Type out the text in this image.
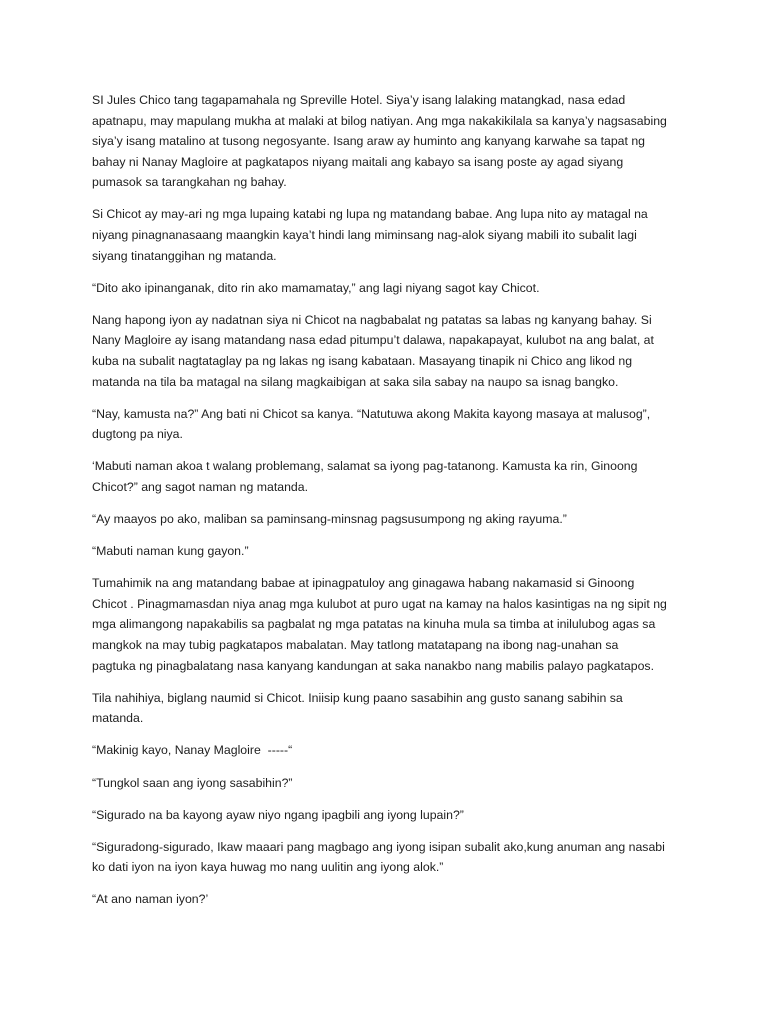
SI Jules Chico tang tagapamahala ng Spreville Hotel. Siya’y isang lalaking matangkad, nasa edad
apatnapu, may mapulang mukha at malaki at bilog natiyan. Ang mga nakakikilala sa kanya’y nagsasabing
siya’y isang matalino at tusong negosyante. Isang araw ay huminto ang kanyang karwahe sa tapat ng
bahay ni Nanay Magloire at pagkatapos niyang maitali ang kabayo sa isang poste ay agad siyang
pumasok sa tarangkahan ng bahay.

Si Chicot ay may-ari ng mga lupaing katabi ng lupa ng matandang babae. Ang lupa nito ay matagal na
niyang pinagnanasaang maangkin kaya’t hindi lang miminsang nag-alok siyang mabili ito subalit lagi
siyang tinatanggihan ng matanda.

“Dito ako ipinanganak, dito rin ako mamamatay,” ang lagi niyang sagot kay Chicot.

Nang hapong iyon ay nadatnan siya ni Chicot na nagbabalat ng patatas sa labas ng kanyang bahay. Si
Nany Magloire ay isang matandang nasa edad pitumpu’t dalawa, napakapayat, kulubot na ang balat, at
kuba na subalit nagtataglay pa ng lakas ng isang kabataan. Masayang tinapik ni Chico ang likod ng
matanda na tila ba matagal na silang magkaibigan at saka sila sabay na naupo sa isnag bangko.

“Nay, kamusta na?” Ang bati ni Chicot sa kanya. “Natutuwa akong Makita kayong masaya at malusog”,
dugtong pa niya.

‘Mabuti naman akoa t walang problemang, salamat sa iyong pag-tatanong. Kamusta ka rin, Ginoong
Chicot?” ang sagot naman ng matanda.

“Ay maayos po ako, maliban sa paminsang-minsnag pagsusumpong ng aking rayuma.”

“Mabuti naman kung gayon.”

Tumahimik na ang matandang babae at ipinagpatuloy ang ginagawa habang nakamasid si Ginoong
Chicot . Pinagmamasdan niya anag mga kulubot at puro ugat na kamay na halos kasintigas na ng sipit ng
mga alimangong napakabilis sa pagbalat ng mga patatas na kinuha mula sa timba at inilulubog agas sa
mangkok na may tubig pagkatapos mabalatan. May tatlong matatapang na ibong nag-unahan sa
pagtuka ng pinagbalatang nasa kanyang kandungan at saka nanakbo nang mabilis palayo pagkatapos.

Tila nahihiya, biglang naumid si Chicot. Iniisip kung paano sasabihin ang gusto sanang sabihin sa
matanda.

“Makinig kayo, Nanay Magloire  -----“

“Tungkol saan ang iyong sasabihin?”

“Sigurado na ba kayong ayaw niyo ngang ipagbili ang iyong lupain?”

“Siguradong-sigurado, Ikaw maaari pang magbago ang iyong isipan subalit ako,kung anuman ang nasabi
ko dati iyon na iyon kaya huwag mo nang uulitin ang iyong alok.”

“At ano naman iyon?’
